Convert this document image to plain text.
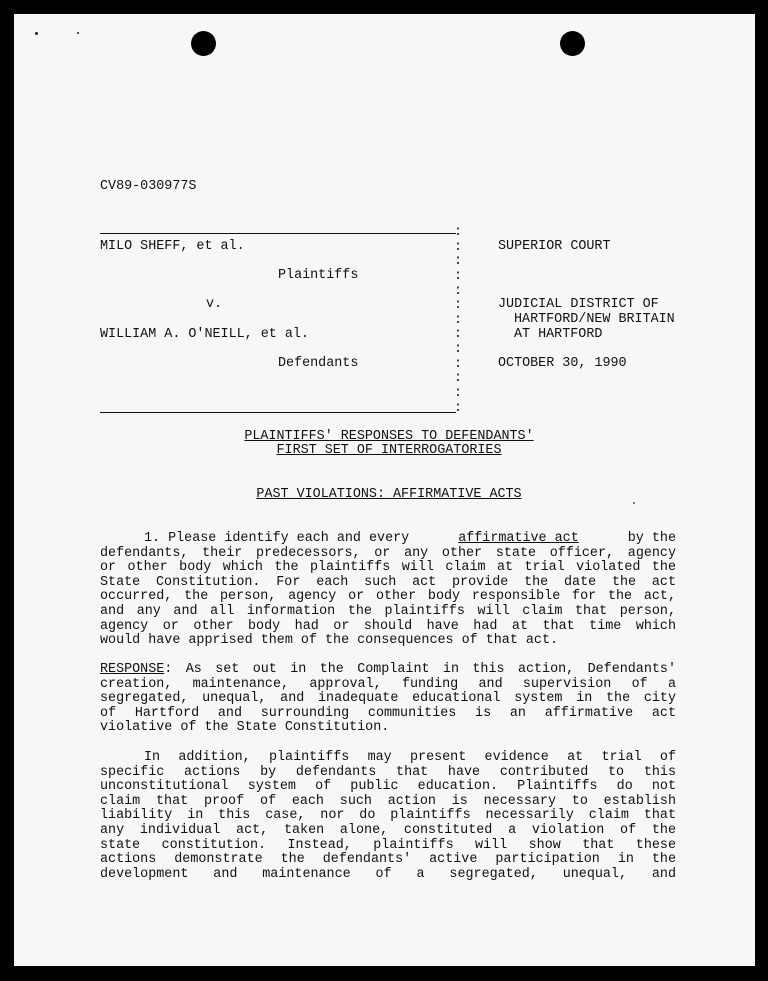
CV89-030977S
:
:
:
:
:
:
:
:
:
:
:
:
:
MILO SHEFF, et al.
Plaintiffs
v.
WILLIAM A. O'NEILL, et al.
Defendants
SUPERIOR COURT
JUDICIAL DISTRICT OF
HARTFORD/NEW BRITAIN
AT HARTFORD
OCTOBER 30, 1990
PLAINTIFFS' RESPONSES TO DEFENDANTS'
FIRST SET OF INTERROGATORIES
PAST VIOLATIONS: AFFIRMATIVE ACTS
1. Please identify each and every	affirmative act	by the
defendants, their predecessors, or any other state officer, agency
or other body which the plaintiffs will claim at trial violated the
State Constitution. For each such act provide the date the act
occurred, the person, agency or other body responsible for the act,
and any and all information the plaintiffs will claim that person,
agency or other body had or should have had at that time which
would have apprised them of the consequences of that act.
RESPONSE : As set out in the Complaint in this action, Defendants'
creation, maintenance, approval, funding and supervision of a
segregated, unequal, and inadequate educational system in the city
of Hartford and surrounding communities is an affirmative act
violative of the State Constitution.
In addition, plaintiffs may present evidence at trial of
specific actions by defendants that have contributed to this
unconstitutional system of public education. Plaintiffs do not
claim that proof of each such action is necessary to establish
liability in this case, nor do plaintiffs necessarily claim that
any individual act, taken alone, constituted a violation of the
state constitution. Instead, plaintiffs will show that these
actions demonstrate the defendants' active participation in the
development and maintenance of a segregated, unequal, and
